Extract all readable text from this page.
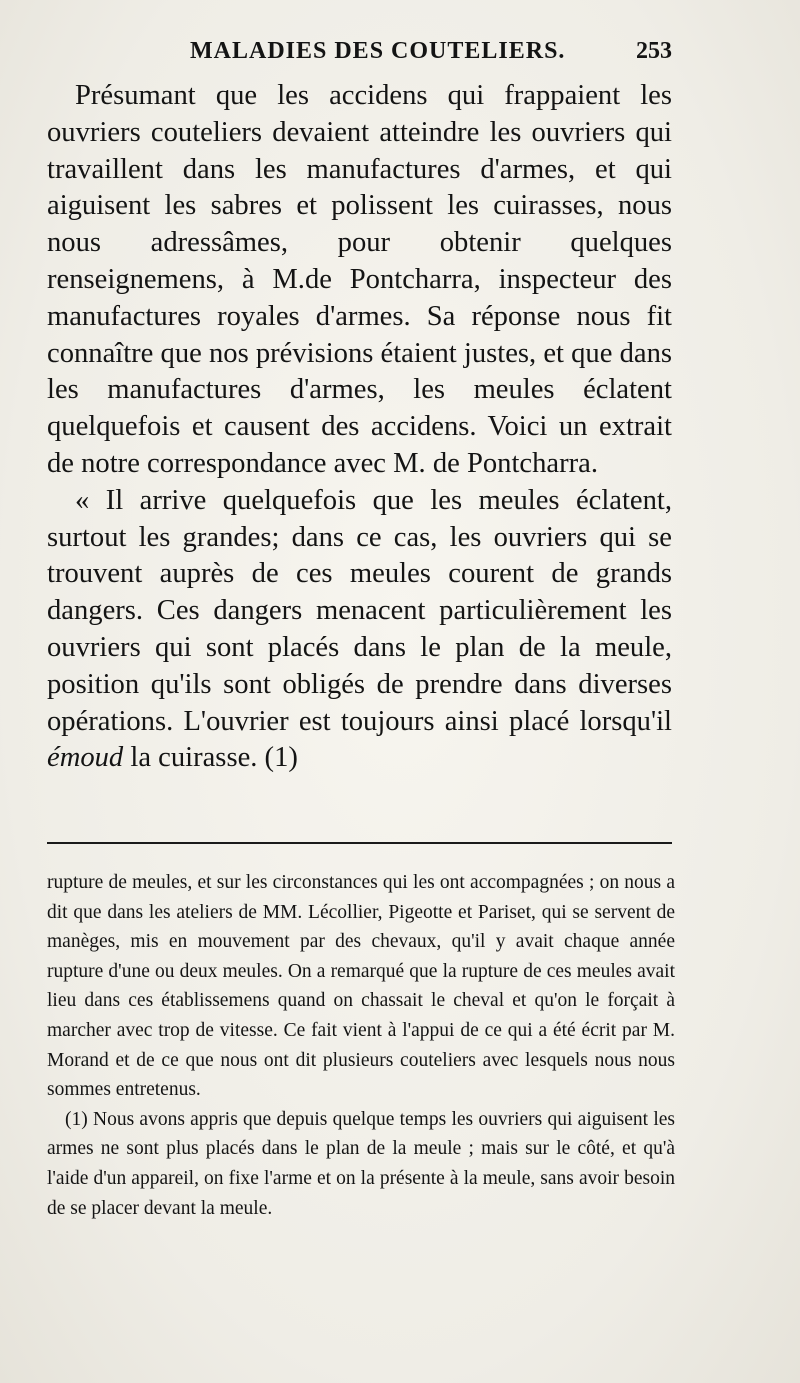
MALADIES DES COUTELIERS.	253

Présumant que les accidens qui frappaient les ouvriers couteliers devaient atteindre les ouvriers qui travaillent dans les manufactures d'armes, et qui aiguisent les sabres et polissent les cuirasses, nous nous adressâmes, pour obtenir quelques renseignemens, à M.de Pontcharra, inspecteur des manufactures royales d'armes. Sa réponse nous fit connaître que nos prévisions étaient justes, et que dans les manufactures d'armes, les meules éclatent quelquefois et causent des accidens. Voici un extrait de notre correspondance avec M. de Pontcharra.

« Il arrive quelquefois que les meules éclatent, surtout les grandes; dans ce cas, les ouvriers qui se trouvent auprès de ces meules courent de grands dangers. Ces dangers menacent particulièrement les ouvriers qui sont placés dans le plan de la meule, position qu'ils sont obligés de prendre dans diverses opérations. L'ouvrier est toujours ainsi placé lorsqu'il émoud la cuirasse. (1)

rupture de meules, et sur les circonstances qui les ont accompagnées ; on nous a dit que dans les ateliers de MM. Lécollier, Pigeotte et Pariset, qui se servent de manèges, mis en mouvement par des chevaux, qu'il y avait chaque année rupture d'une ou deux meules. On a remarqué que la rupture de ces meules avait lieu dans ces établissemens quand on chassait le cheval et qu'on le forçait à marcher avec trop de vitesse. Ce fait vient à l'appui de ce qui a été écrit par M. Morand et de ce que nous ont dit plusieurs couteliers avec lesquels nous nous sommes entretenus.

(1) Nous avons appris que depuis quelque temps les ouvriers qui aiguisent les armes ne sont plus placés dans le plan de la meule ; mais sur le côté, et qu'à l'aide d'un appareil, on fixe l'arme et on la présente à la meule, sans avoir besoin de se placer devant la meule.
